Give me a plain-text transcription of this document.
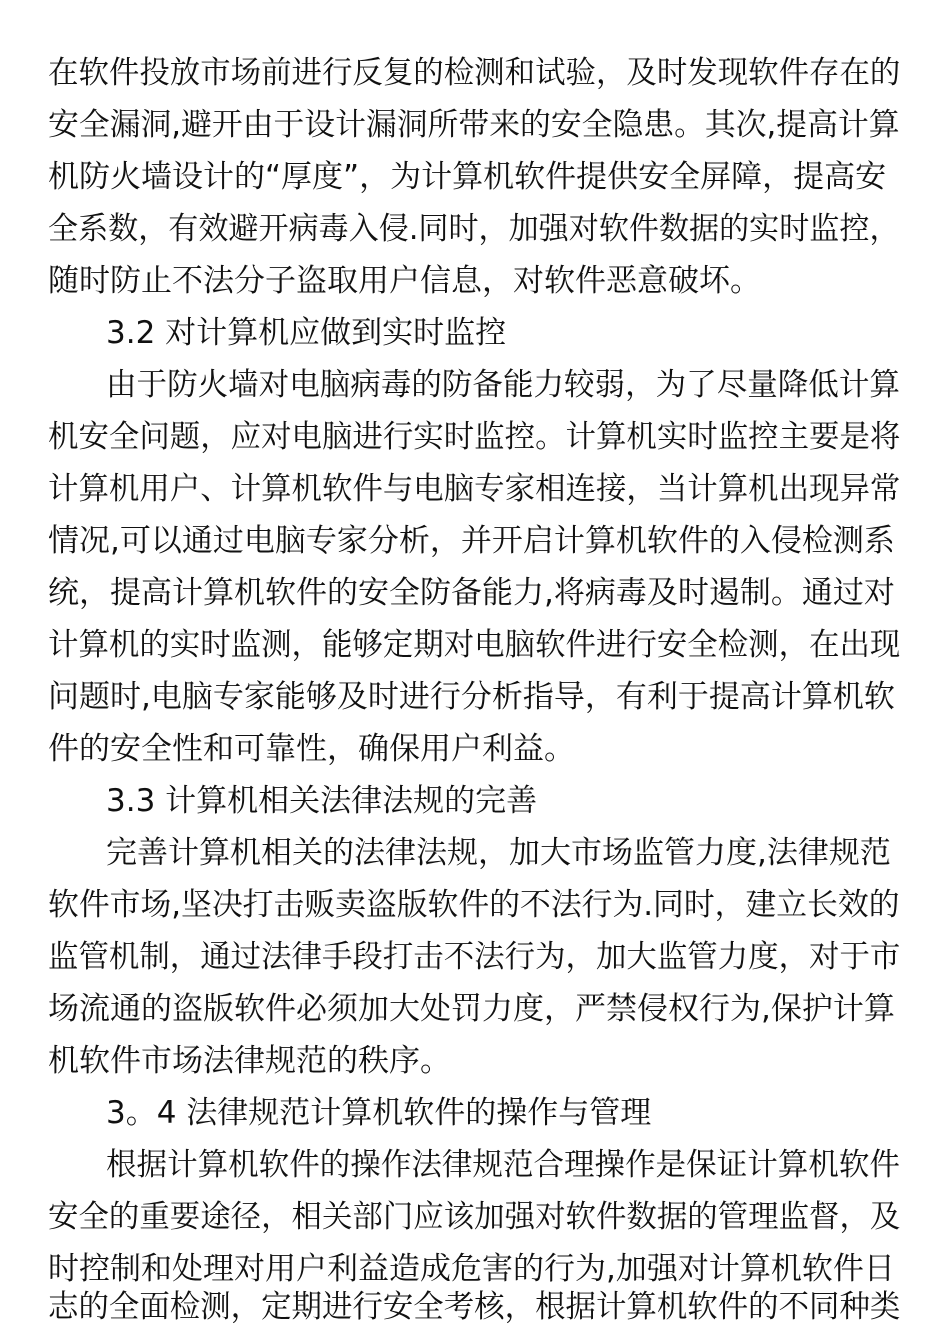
在软件投放市场前进行反复的检测和试验，及时发现软件存在的
安全漏洞,避开由于设计漏洞所带来的安全隐患。其次,提高计算
机防火墙设计的“厚度”，为计算机软件提供安全屏障，提高安
全系数，有效避开病毒入侵.同时，加强对软件数据的实时监控，
随时防止不法分子盗取用户信息，对软件恶意破坏。
3.2 对计算机应做到实时监控
由于防火墙对电脑病毒的防备能力较弱，为了尽量降低计算
机安全问题，应对电脑进行实时监控。计算机实时监控主要是将
计算机用户、计算机软件与电脑专家相连接，当计算机出现异常
情况,可以通过电脑专家分析，并开启计算机软件的入侵检测系
统，提高计算机软件的安全防备能力,将病毒及时遏制。通过对
计算机的实时监测，能够定期对电脑软件进行安全检测，在出现
问题时,电脑专家能够及时进行分析指导，有利于提高计算机软
件的安全性和可靠性，确保用户利益。
3.3 计算机相关法律法规的完善
完善计算机相关的法律法规，加大市场监管力度,法律规范
软件市场,坚决打击贩卖盗版软件的不法行为.同时，建立长效的
监管机制，通过法律手段打击不法行为，加大监管力度，对于市
场流通的盗版软件必须加大处罚力度，严禁侵权行为,保护计算
机软件市场法律规范的秩序。
3。4 法律规范计算机软件的操作与管理
根据计算机软件的操作法律规范合理操作是保证计算机软件
安全的重要途径，相关部门应该加强对软件数据的管理监督，及
时控制和处理对用户利益造成危害的行为,加强对计算机软件日
志的全面检测，定期进行安全考核，根据计算机软件的不同种类
